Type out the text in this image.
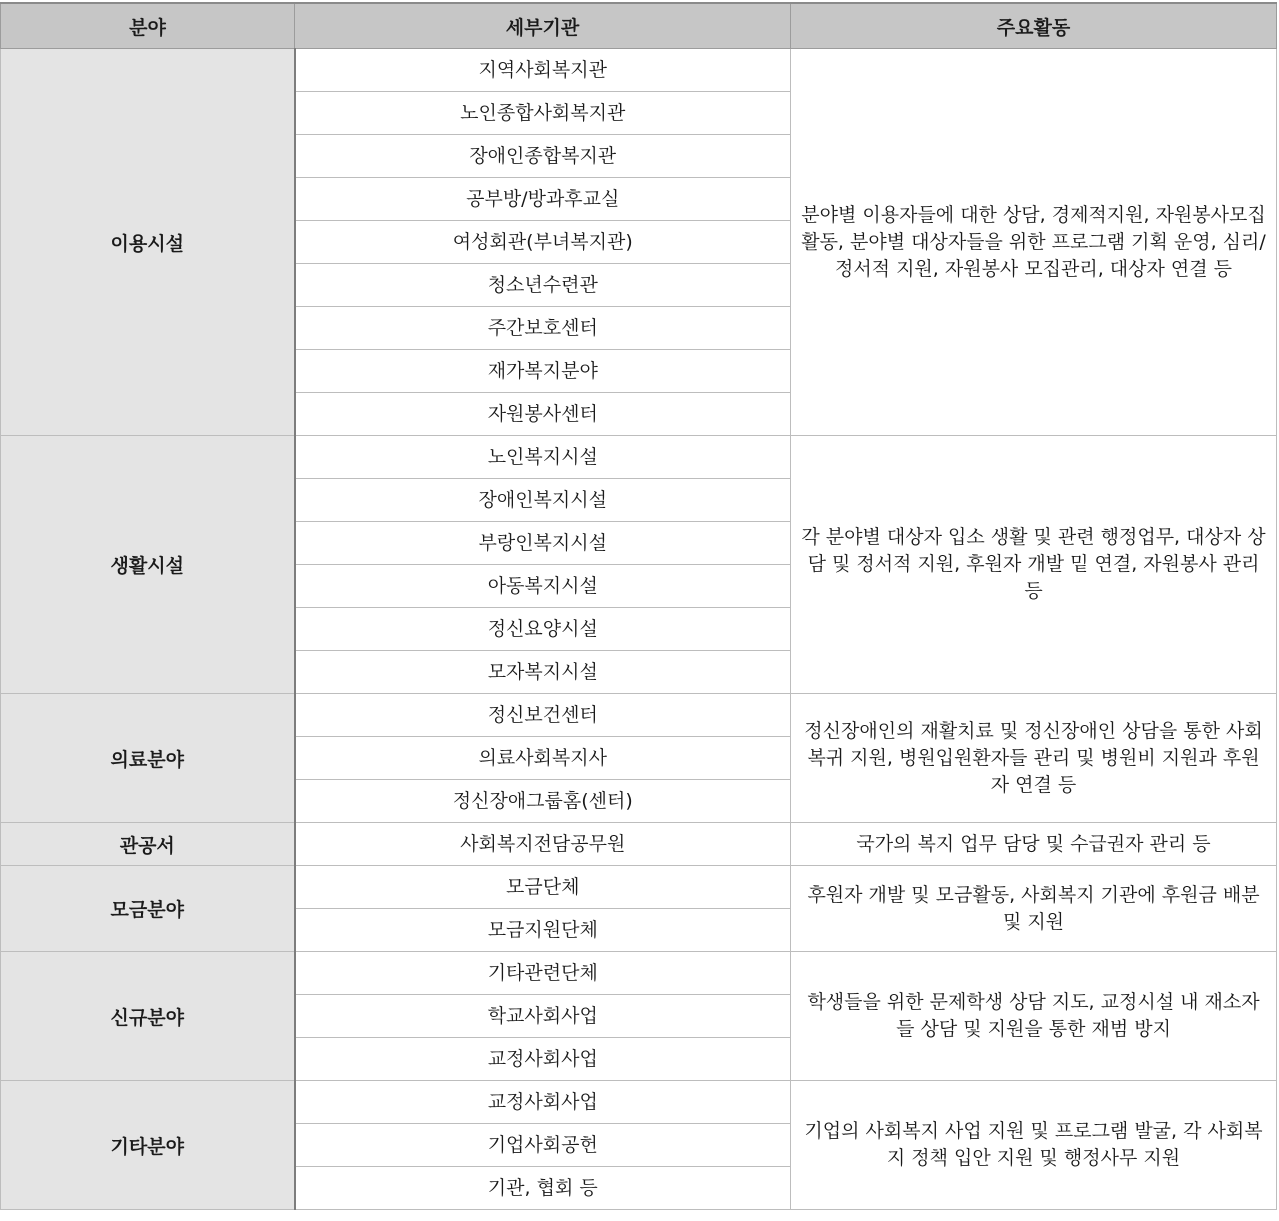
분야	세부기관	주요활동
이용시설	지역사회복지관	분야별 이용자들에 대한 상담, 경제적지원, 자원봉사모집활동, 분야별 대상자들을 위한 프로그램 기획 운영, 심리/정서적 지원, 자원봉사 모집관리, 대상자 연결 등
	노인종합사회복지관	
	장애인종합복지관	
	공부방/방과후교실	
	여성회관(부녀복지관)	
	청소년수련관	
	주간보호센터	
	재가복지분야	
	자원봉사센터	
생활시설	노인복지시설	각 분야별 대상자 입소 생활 및 관련 행정업무, 대상자 상담 및 정서적 지원, 후원자 개발 밑 연결, 자원봉사 관리 등
	장애인복지시설	
	부랑인복지시설	
	아동복지시설	
	정신요양시설	
	모자복지시설	
의료분야	정신보건센터	정신장애인의 재활치료 및 정신장애인 상담을 통한 사회복귀 지원, 병원입원환자들 관리 및 병원비 지원과 후원자 연결 등
	의료사회복지사	
	정신장애그룹홈(센터)	
관공서	사회복지전담공무원	국가의 복지 업무 담당 및 수급권자 관리 등
모금분야	모금단체	후원자 개발 및 모금활동, 사회복지 기관에 후원금 배분 및 지원
	모금지원단체	
신규분야	기타관련단체	학생들을 위한 문제학생 상담 지도, 교정시설 내 재소자들 상담 및 지원을 통한 재범 방지
	학교사회사업	
	교정사회사업	
기타분야	교정사회사업	기업의 사회복지 사업 지원 및 프로그램 발굴, 각 사회복지 정책 입안 지원 및 행정사무 지원
	기업사회공헌	
	기관, 협회 등	
